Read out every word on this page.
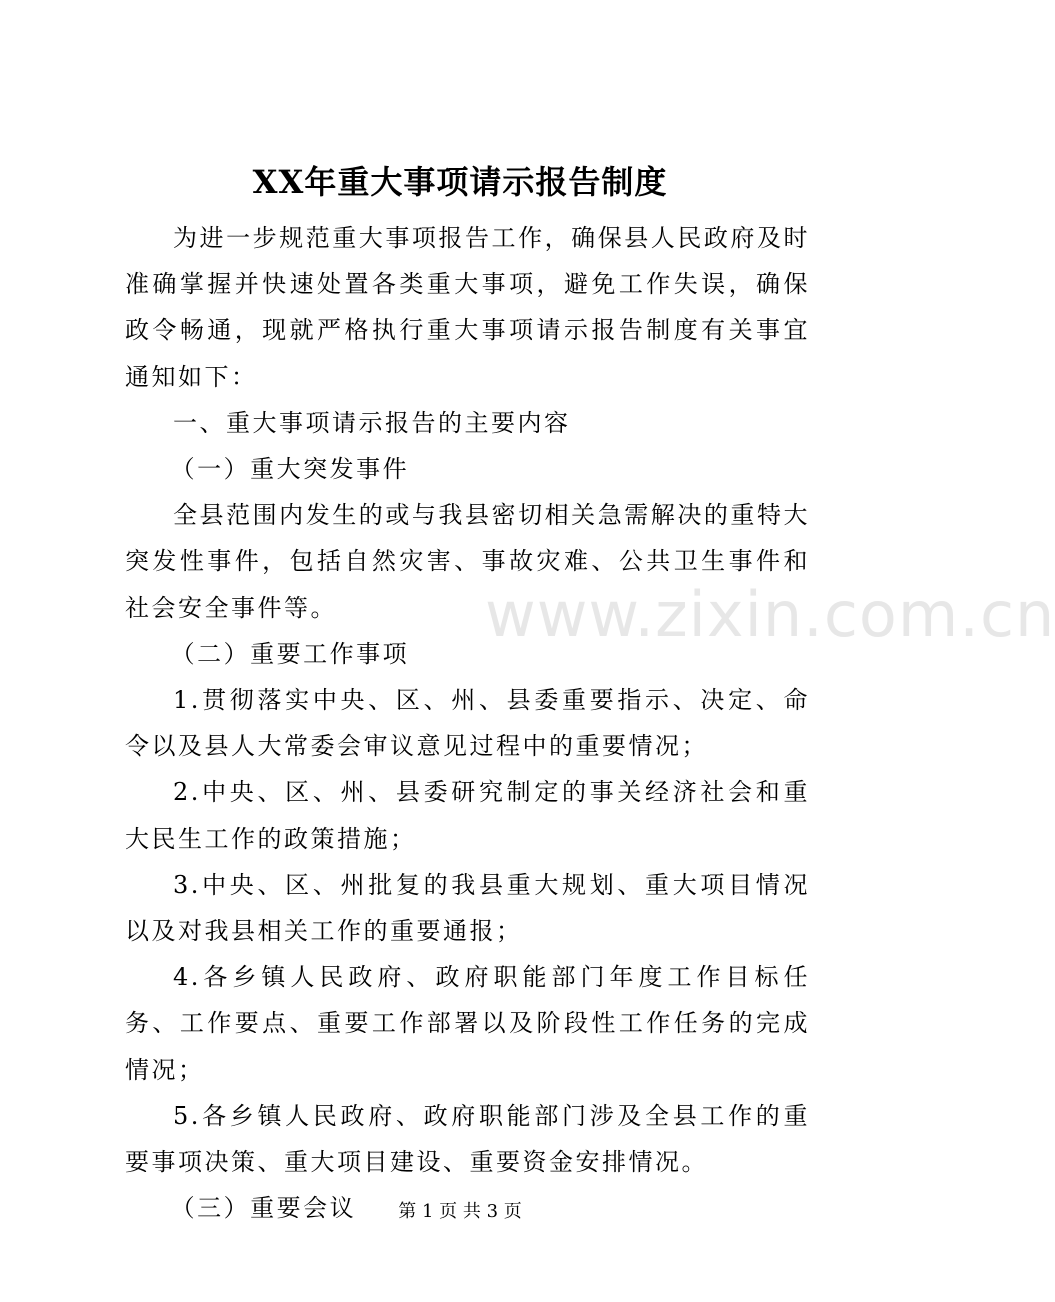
XX年重大事项请示报告制度

为进一步规范重大事项报告工作，确保县人民政府及时准确掌握并快速处置各类重大事项，避免工作失误，确保政令畅通，现就严格执行重大事项请示报告制度有关事宜通知如下：

一、重大事项请示报告的主要内容

（一）重大突发事件

全县范围内发生的或与我县密切相关急需解决的重特大突发性事件，包括自然灾害、事故灾难、公共卫生事件和社会安全事件等。

（二）重要工作事项

1.贯彻落实中央、区、州、县委重要指示、决定、命令以及县人大常委会审议意见过程中的重要情况；

2.中央、区、州、县委研究制定的事关经济社会和重大民生工作的政策措施；

3.中央、区、州批复的我县重大规划、重大项目情况以及对我县相关工作的重要通报；

4.各乡镇人民政府、政府职能部门年度工作目标任务、工作要点、重要工作部署以及阶段性工作任务的完成情况；

5.各乡镇人民政府、政府职能部门涉及全县工作的重要事项决策、重大项目建设、重要资金安排情况。

（三）重要会议

www.zixin.com.cn
第 1 页 共 3 页
